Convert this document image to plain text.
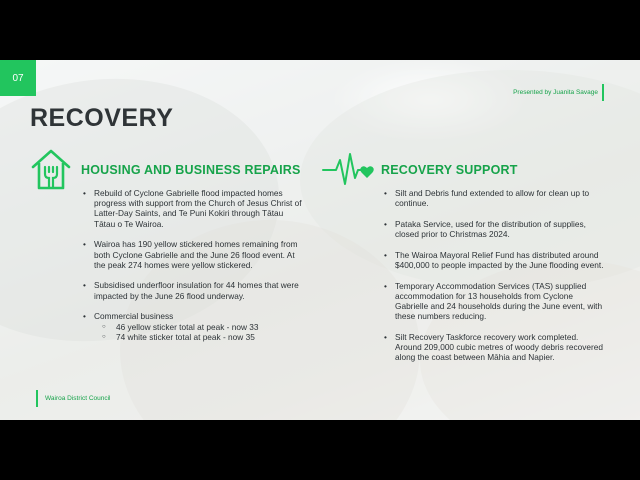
07
Presented by Juanita Savage
RECOVERY
HOUSING AND BUSINESS REPAIRS
• Rebuild of Cyclone Gabrielle flood impacted homes progress with support from the Church of Jesus Christ of Latter-Day Saints, and Te Puni Kokiri through Tātau Tātau o Te Wairoa.
• Wairoa has 190 yellow stickered homes remaining from both Cyclone Gabrielle and the June 26 flood event. At the peak 274 homes were yellow stickered.
• Subsidised underfloor insulation for 44 homes that were impacted by the June 26 flood underway.
• Commercial business
○ 46 yellow sticker total at peak - now 33
○ 74 white sticker total at peak - now 35
RECOVERY SUPPORT
• Silt and Debris fund extended to allow for clean up to continue.
• Pataka Service, used for the distribution of supplies, closed prior to Christmas 2024.
• The Wairoa Mayoral Relief Fund has distributed around $400,000 to people impacted by the June flooding event.
• Temporary Accommodation Services (TAS) supplied accommodation for 13 households from Cyclone Gabrielle and 24 households during the June event, with these numbers reducing.
• Silt Recovery Taskforce recovery work completed. Around 209,000 cubic metres of woody debris recovered along the coast between Māhia and Napier.
Wairoa District Council
